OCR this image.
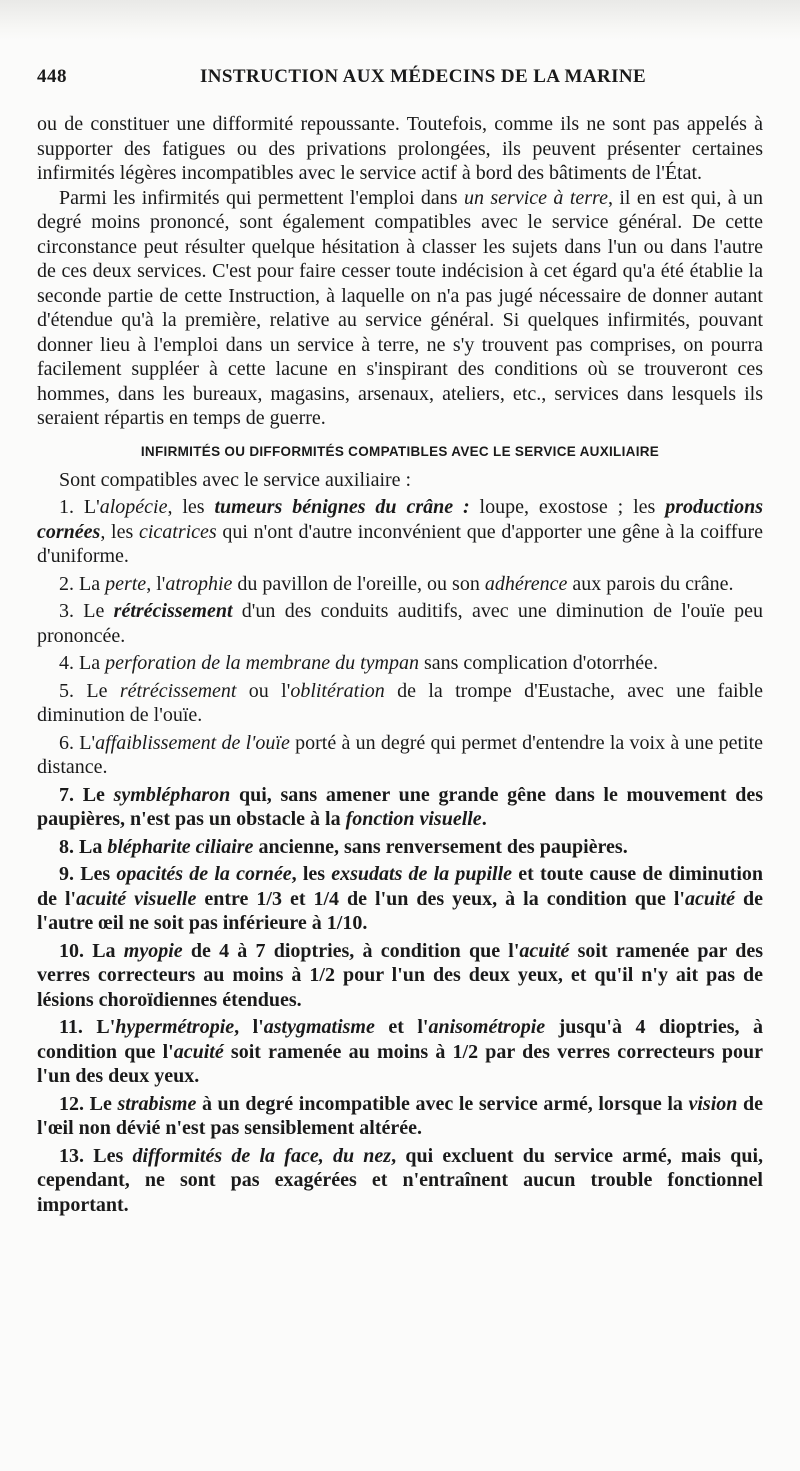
448	INSTRUCTION AUX MÉDECINS DE LA MARINE

ou de constituer une difformité repoussante. Toutefois, comme ils ne sont pas appelés à supporter des fatigues ou des privations prolongées, ils peuvent présenter certaines infirmités légères incompatibles avec le service actif à bord des bâtiments de l'État.

Parmi les infirmités qui permettent l'emploi dans un service à terre, il en est qui, à un degré moins prononcé, sont également compatibles avec le service général. De cette circonstance peut résulter quelque hésitation à classer les sujets dans l'un ou dans l'autre de ces deux services. C'est pour faire cesser toute indécision à cet égard qu'a été établie la seconde partie de cette Instruction, à laquelle on n'a pas jugé nécessaire de donner autant d'étendue qu'à la première, relative au service général. Si quelques infirmités, pouvant donner lieu à l'emploi dans un service à terre, ne s'y trouvent pas comprises, on pourra facilement suppléer à cette lacune en s'inspirant des conditions où se trouveront ces hommes, dans les bureaux, magasins, arsenaux, ateliers, etc., services dans lesquels ils seraient répartis en temps de guerre.

INFIRMITÉS OU DIFFORMITÉS COMPATIBLES AVEC LE SERVICE AUXILIAIRE

Sont compatibles avec le service auxiliaire :

1. L'alopécie, les tumeurs bénignes du crâne : loupe, exostose ; les productions cornées, les cicatrices qui n'ont d'autre inconvénient que d'apporter une gêne à la coiffure d'uniforme.

2. La perte, l'atrophie du pavillon de l'oreille, ou son adhérence aux parois du crâne.

3. Le rétrécissement d'un des conduits auditifs, avec une diminution de l'ouïe peu prononcée.

4. La perforation de la membrane du tympan sans complication d'otorrhée.

5. Le rétrécissement ou l'oblitération de la trompe d'Eustache, avec une faible diminution de l'ouïe.

6. L'affaiblissement de l'ouïe porté à un degré qui permet d'entendre la voix à une petite distance.

7. Le symblépharon qui, sans amener une grande gêne dans le mouvement des paupières, n'est pas un obstacle à la fonction visuelle.

8. La blépharite ciliaire ancienne, sans renversement des paupières.

9. Les opacités de la cornée, les exsudats de la pupille et toute cause de diminution de l'acuité visuelle entre 1/3 et 1/4 de l'un des yeux, à la condition que l'acuité de l'autre œil ne soit pas inférieure à 1/10.

10. La myopie de 4 à 7 dioptries, à condition que l'acuité soit ramenée par des verres correcteurs au moins à 1/2 pour l'un des deux yeux, et qu'il n'y ait pas de lésions choroïdiennes étendues.

11. L'hypermétropie, l'astygmatisme et l'anisométropie jusqu'à 4 dioptries, à condition que l'acuité soit ramenée au moins à 1/2 par des verres correcteurs pour l'un des deux yeux.

12. Le strabisme à un degré incompatible avec le service armé, lorsque la vision de l'œil non dévié n'est pas sensiblement altérée.

13. Les difformités de la face, du nez, qui excluent du service armé, mais qui, cependant, ne sont pas exagérées et n'entraînent aucun trouble fonctionnel important.
